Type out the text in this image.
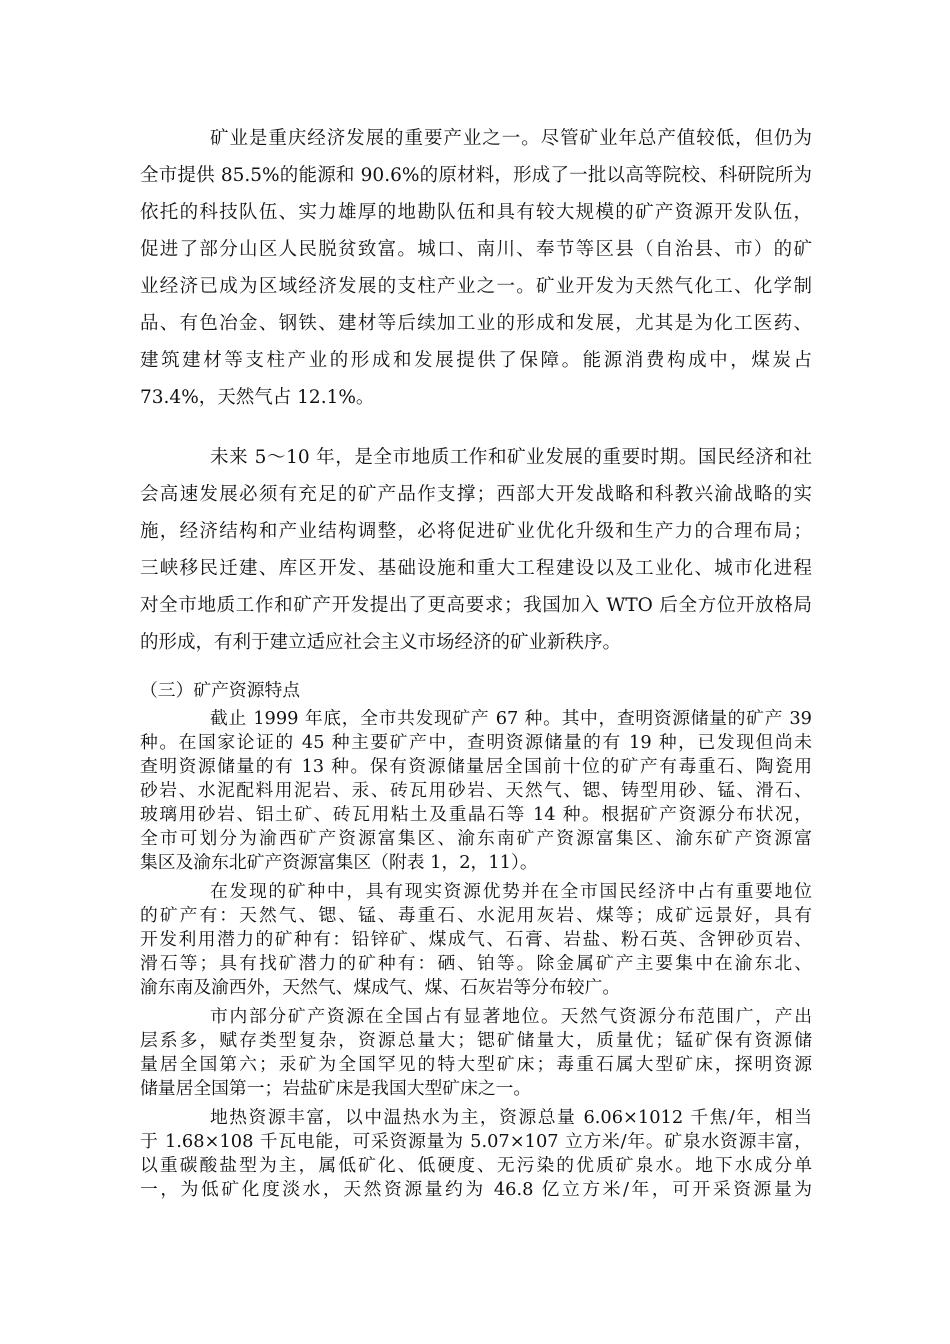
矿业是重庆经济发展的重要产业之一。尽管矿业年总产值较低，但仍为
全市提供 85.5%的能源和 90.6%的原材料，形成了一批以高等院校、科研院所为
依托的科技队伍、实力雄厚的地勘队伍和具有较大规模的矿产资源开发队伍，
促进了部分山区人民脱贫致富。城口、南川、奉节等区县（自治县、市）的矿
业经济已成为区域经济发展的支柱产业之一。矿业开发为天然气化工、化学制
品、有色冶金、钢铁、建材等后续加工业的形成和发展，尤其是为化工医药、
建筑建材等支柱产业的形成和发展提供了保障。能源消费构成中，煤炭占
73.4%，天然气占 12.1%。
未来 5～10 年，是全市地质工作和矿业发展的重要时期。国民经济和社
会高速发展必须有充足的矿产品作支撑；西部大开发战略和科教兴渝战略的实
施，经济结构和产业结构调整，必将促进矿业优化升级和生产力的合理布局；
三峡移民迁建、库区开发、基础设施和重大工程建设以及工业化、城市化进程
对全市地质工作和矿产开发提出了更高要求；我国加入 WTO 后全方位开放格局
的形成，有利于建立适应社会主义市场经济的矿业新秩序。
（三）矿产资源特点
截止 1999 年底，全市共发现矿产 67 种。其中，查明资源储量的矿产 39
种。在国家论证的 45 种主要矿产中，查明资源储量的有 19 种，已发现但尚未
查明资源储量的有 13 种。保有资源储量居全国前十位的矿产有毒重石、陶瓷用
砂岩、水泥配料用泥岩、汞、砖瓦用砂岩、天然气、锶、铸型用砂、锰、滑石、
玻璃用砂岩、铝土矿、砖瓦用粘土及重晶石等 14 种。根据矿产资源分布状况，
全市可划分为渝西矿产资源富集区、渝东南矿产资源富集区、渝东矿产资源富
集区及渝东北矿产资源富集区（附表 1，2，11）。
在发现的矿种中，具有现实资源优势并在全市国民经济中占有重要地位
的矿产有：天然气、锶、锰、毒重石、水泥用灰岩、煤等；成矿远景好，具有
开发利用潜力的矿种有：铅锌矿、煤成气、石膏、岩盐、粉石英、含钾砂页岩、
滑石等；具有找矿潜力的矿种有：硒、铂等。除金属矿产主要集中在渝东北、
渝东南及渝西外，天然气、煤成气、煤、石灰岩等分布较广。
市内部分矿产资源在全国占有显著地位。天然气资源分布范围广，产出
层系多，赋存类型复杂，资源总量大；锶矿储量大，质量优；锰矿保有资源储
量居全国第六；汞矿为全国罕见的特大型矿床；毒重石属大型矿床，探明资源
储量居全国第一；岩盐矿床是我国大型矿床之一。
地热资源丰富，以中温热水为主，资源总量 6.06×1012 千焦/年，相当
于 1.68×108 千瓦电能，可采资源量为 5.07×107 立方米/年。矿泉水资源丰富，
以重碳酸盐型为主，属低矿化、低硬度、无污染的优质矿泉水。地下水成分单
一，为低矿化度淡水，天然资源量约为 46.8 亿立方米/年，可开采资源量为
